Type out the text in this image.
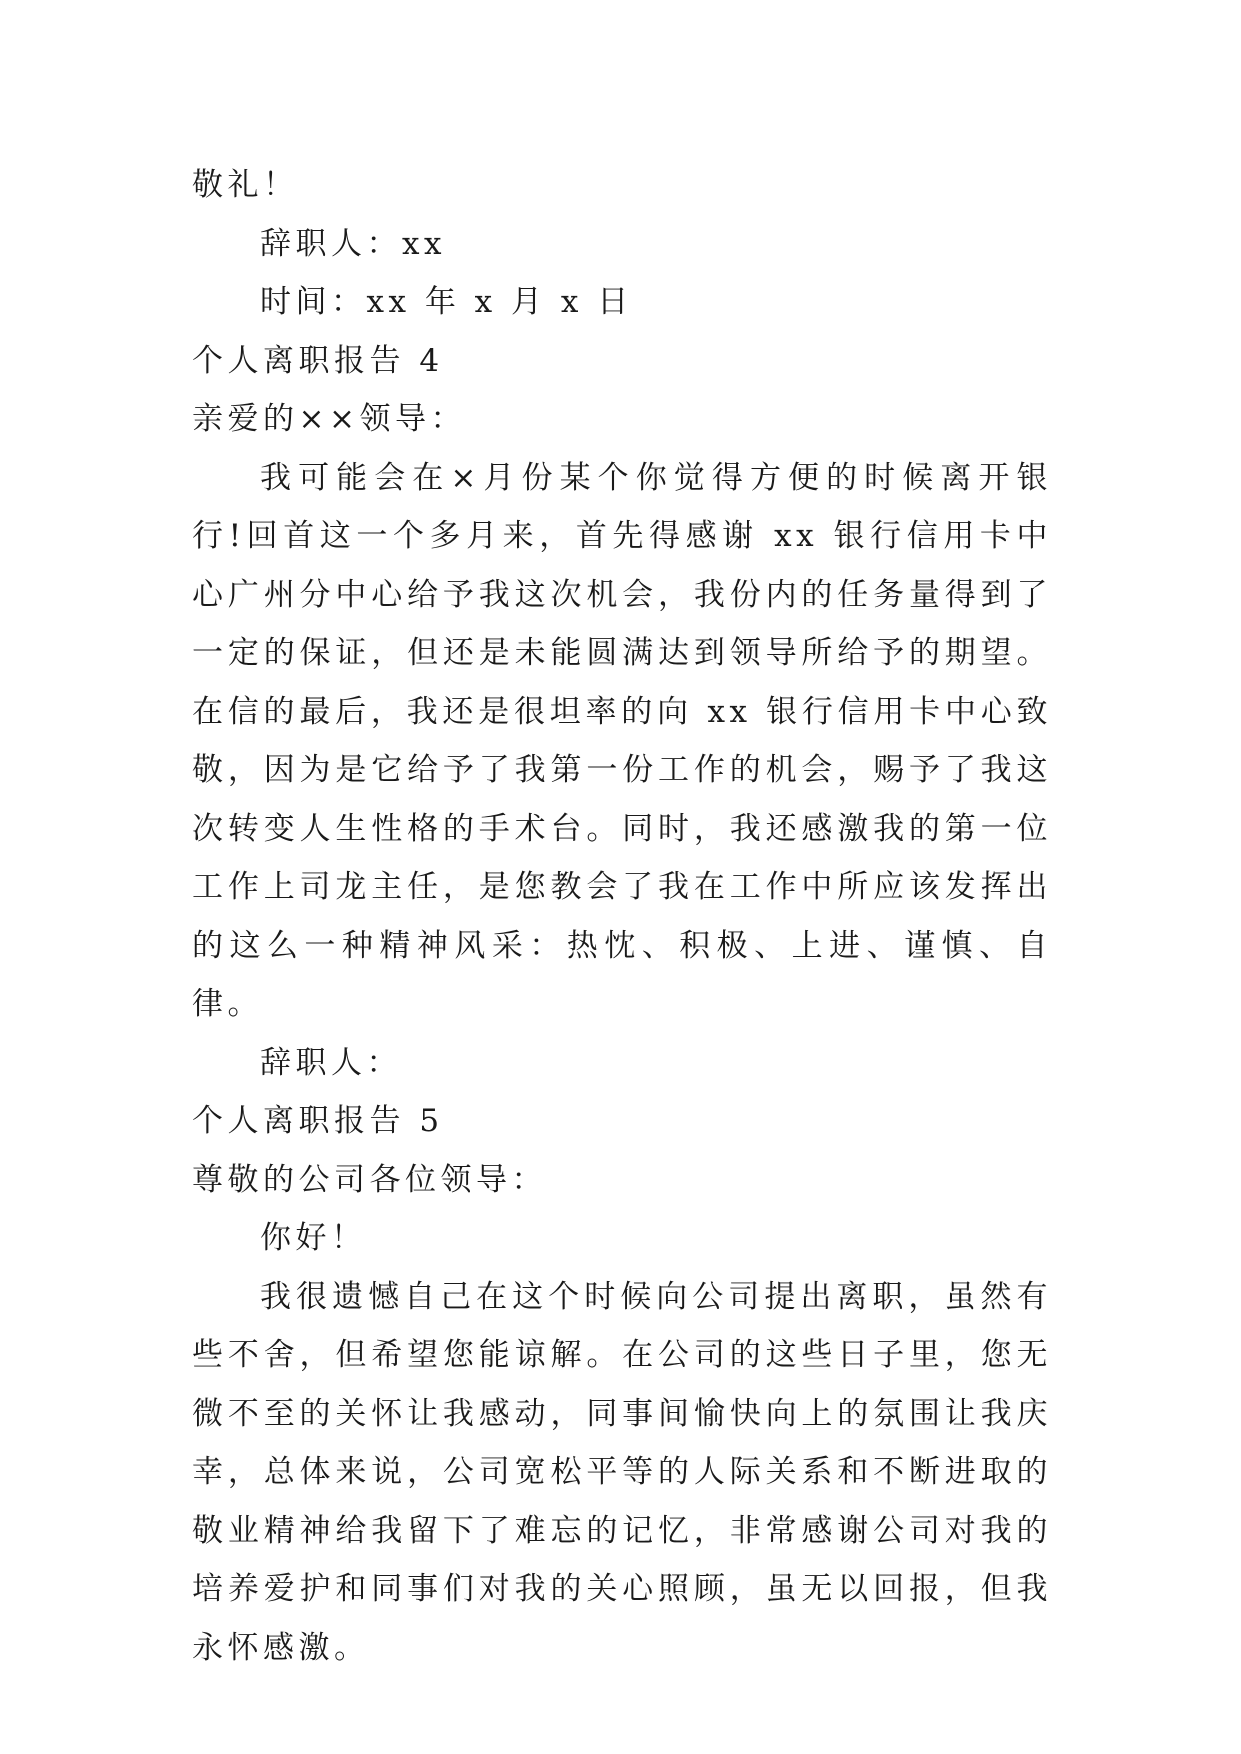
敬礼！
辞职人：xx
时间：xx 年 x 月 x 日
个人离职报告 4
亲爱的××领导：

我可能会在×月份某个你觉得方便的时候离开银行!回首这一个多月来，首先得感谢 xx 银行信用卡中心广州分中心给予我这次机会，我份内的任务量得到了一定的保证，但还是未能圆满达到领导所给予的期望。在信的最后，我还是很坦率的向 xx 银行信用卡中心致敬，因为是它给予了我第一份工作的机会，赐予了我这次转变人生性格的手术台。同时，我还感激我的第一位工作上司龙主任，是您教会了我在工作中所应该发挥出的这么一种精神风采：热忱、积极、上进、谨慎、自律。

辞职人：
个人离职报告 5
尊敬的公司各位领导：
你好！

我很遗憾自己在这个时候向公司提出离职，虽然有些不舍，但希望您能谅解。在公司的这些日子里，您无微不至的关怀让我感动，同事间愉快向上的氛围让我庆幸，总体来说，公司宽松平等的人际关系和不断进取的敬业精神给我留下了难忘的记忆，非常感谢公司对我的培养爱护和同事们对我的关心照顾，虽无以回报，但我永怀感激。
